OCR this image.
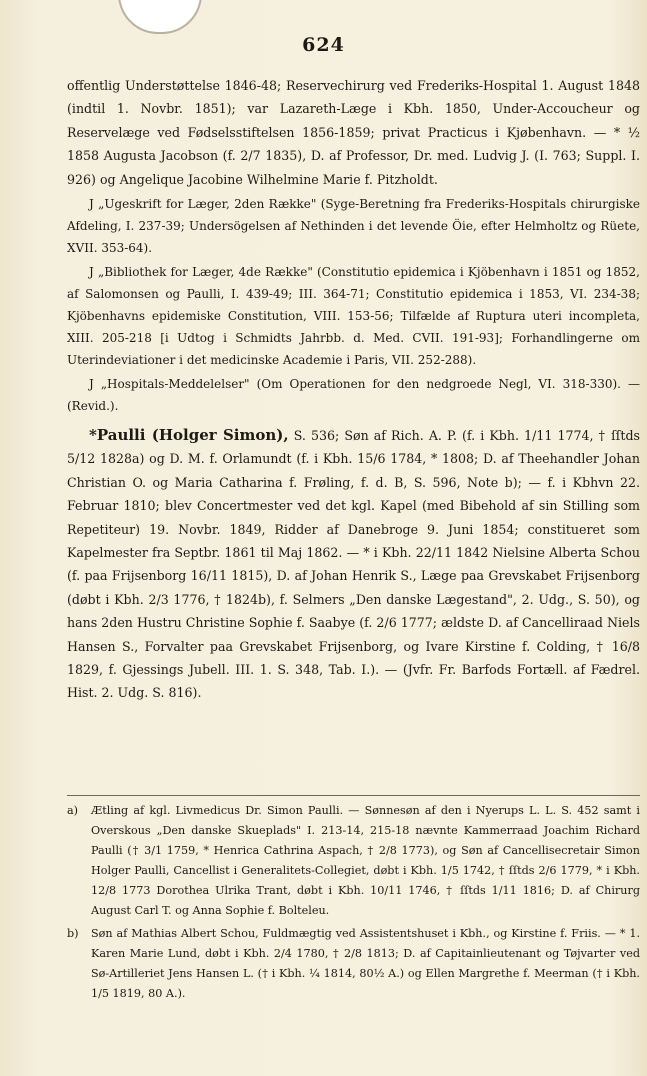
624

offentlig Understøttelse 1846-48; Reservechirurg ved Frederiks-Hospital 1. August 1848 (indtil 1. Novbr. 1851); var Lazareth-Læge i Kbh. 1850, Under-Accoucheur og Reservelæge ved Fødselsstiftelsen 1856-1859; privat Practicus i Kjøbenhavn. — * ½ 1858 Augusta Jacobson (f. 2/7 1835), D. af Professor, Dr. med. Ludvig J. (I. 763; Suppl. I. 926) og Angelique Jacobine Wilhelmine Marie f. Pitzholdt.

J „Ugeskrift for Læger, 2den Række" (Syge-Beretning fra Frederiks-Hospitals chirurgiske Afdeling, I. 237-39; Undersögelsen af Nethinden i det levende Öie, efter Helmholtz og Rüete, XVII. 353-64).

J „Bibliothek for Læger, 4de Række" (Constitutio epidemica i Kjöbenhavn i 1851 og 1852, af Salomonsen og Paulli, I. 439-49; III. 364-71; Constitutio epidemica i 1853, VI. 234-38; Kjöbenhavns epidemiske Constitution, VIII. 153-56; Tilfælde af Ruptura uteri incompleta, XIII. 205-218 [i Udtog i Schmidts Jahrbb. d. Med. CVII. 191-93]; Forhandlingerne om Uterindeviationer i det medicinske Academie i Paris, VII. 252-288).

J „Hospitals-Meddelelser" (Om Operationen for den nedgroede Negl, VI. 318-330). — (Revid.).

*Paulli (Holger Simon), S. 536; Søn af Rich. A. P. (f. i Kbh. 1/11 1774, † ſſtds 5/12 1828a) og D. M. f. Orlamundt (f. i Kbh. 15/6 1784, * 1808; D. af Theehandler Johan Christian O. og Maria Catharina f. Frøling, f. d. B, S. 596, Note b); — f. i Kbhvn 22. Februar 1810; blev Concertmester ved det kgl. Kapel (med Bibehold af sin Stilling som Repetiteur) 19. Novbr. 1849, Ridder af Danebroge 9. Juni 1854; constitueret som Kapelmester fra Septbr. 1861 til Maj 1862. — * i Kbh. 22/11 1842 Nielsine Alberta Schou (f. paa Frijsenborg 16/11 1815), D. af Johan Henrik S., Læge paa Grevskabet Frijsenborg (døbt i Kbh. 2/3 1776, † 1824b), f. Selmers „Den danske Lægestand", 2. Udg., S. 50), og hans 2den Hustru Christine Sophie f. Saabye (f. 2/6 1777; ældste D. af Cancelliraad Niels Hansen S., Forvalter paa Grevskabet Frijsenborg, og Ivare Kirstine f. Colding, † 16/8 1829, f. Gjessings Jubell. III. 1. S. 348, Tab. I.). — (Jvfr. Fr. Barfods Fortæll. af Fædrel. Hist. 2. Udg. S. 816).

a)	Ætling af kgl. Livmedicus Dr. Simon Paulli. — Sønnesøn af den i Nyerups L. L. S. 452 samt i Overskous „Den danske Skueplads" I. 213-14, 215-18 nævnte Kammerraad Joachim Richard Paulli († 3/1 1759, * Henrica Cathrina Aspach, † 2/8 1773), og Søn af Cancellisecretair Simon Holger Paulli, Cancellist i Generalitets-Collegiet, døbt i Kbh. 1/5 1742, † ſſtds 2/6 1779, * i Kbh. 12/8 1773 Dorothea Ulrika Trant, døbt i Kbh. 10/11 1746, † ſſtds 1/11 1816; D. af Chirurg August Carl T. og Anna Sophie f. Bolteleu.
b)	Søn af Mathias Albert Schou, Fuldmægtig ved Assistentshuset i Kbh., og Kirstine f. Friis. — * 1. Karen Marie Lund, døbt i Kbh. 2/4 1780, † 2/8 1813; D. af Capitainlieutenant og Tøjvarter ved Sø-Artilleriet Jens Hansen L. († i Kbh. ¼ 1814, 80½ A.) og Ellen Margrethe f. Meerman († i Kbh. 1/5 1819, 80 A.).
